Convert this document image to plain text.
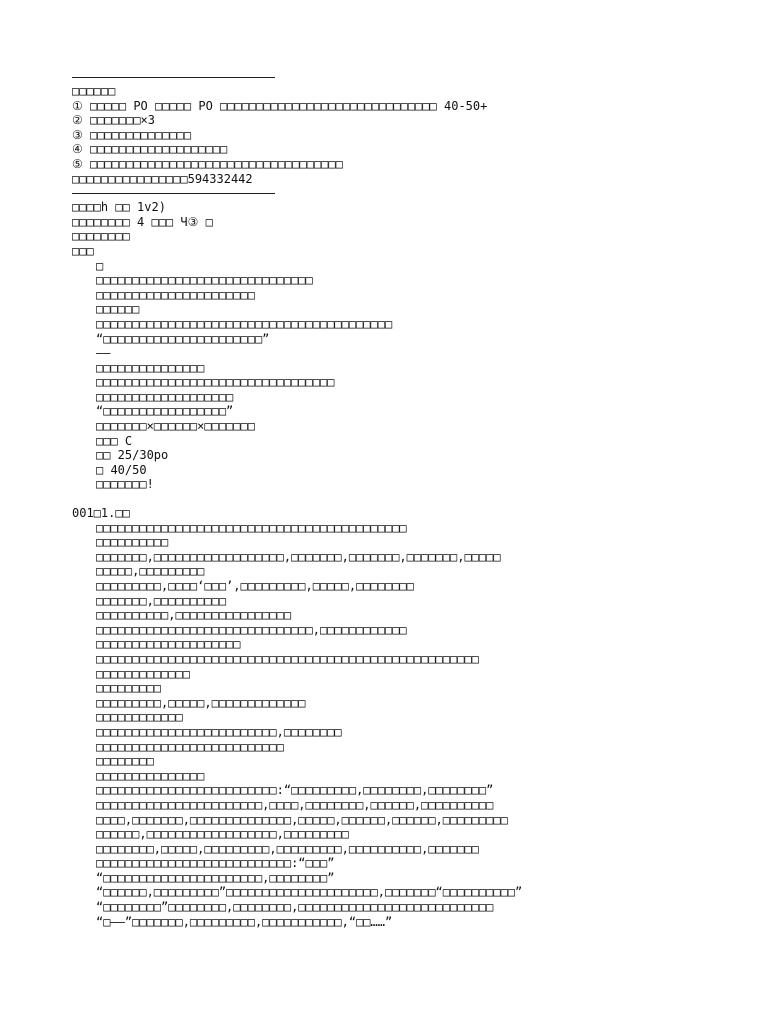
□□□□□□
① □□□□□ PO □□□□□ PO □□□□□□□□□□□□□□□□□□□□□□□□□□□□□□ 40-50+
② □□□□□□□×3
③ □□□□□□□□□□□□□□
④ □□□□□□□□□□□□□□□□□□□
⑤ □□□□□□□□□□□□□□□□□□□□□□□□□□□□□□□□□□□
□□□□□□□□□□□□□□□□594332442
□□□□h □□ 1v2)
□□□□□□□□ 4 □□□ Ч③ □
□□□□□□□□
□□□
□
□□□□□□□□□□□□□□□□□□□□□□□□□□□□□□
□□□□□□□□□□□□□□□□□□□□□□
□□□□□□
□□□□□□□□□□□□□□□□□□□□□□□□□□□□□□□□□□□□□□□□□
“□□□□□□□□□□□□□□□□□□□□□□”
——
□□□□□□□□□□□□□□□
□□□□□□□□□□□□□□□□□□□□□□□□□□□□□□□□□
□□□□□□□□□□□□□□□□□□□
“□□□□□□□□□□□□□□□□□”
□□□□□□□×□□□□□□×□□□□□□□
□□□ C
□□ 25/30po
□ 40/50
□□□□□□□!
001□1.□□
□□□□□□□□□□□□□□□□□□□□□□□□□□□□□□□□□□□□□□□□□□□
□□□□□□□□□□
□□□□□□□,□□□□□□□□□□□□□□□□□□,□□□□□□□,□□□□□□□,□□□□□□□,□□□□□
□□□□□,□□□□□□□□□
□□□□□□□□□,□□□□‘□□□’,□□□□□□□□□,□□□□□,□□□□□□□□
□□□□□□□,□□□□□□□□□□
□□□□□□□□□□,□□□□□□□□□□□□□□□□
□□□□□□□□□□□□□□□□□□□□□□□□□□□□□□,□□□□□□□□□□□□
□□□□□□□□□□□□□□□□□□□□
□□□□□□□□□□□□□□□□□□□□□□□□□□□□□□□□□□□□□□□□□□□□□□□□□□□□□
□□□□□□□□□□□□□
□□□□□□□□□
□□□□□□□□□,□□□□□,□□□□□□□□□□□□□
□□□□□□□□□□□□
□□□□□□□□□□□□□□□□□□□□□□□□□,□□□□□□□□
□□□□□□□□□□□□□□□□□□□□□□□□□□
□□□□□□□□
□□□□□□□□□□□□□□□
□□□□□□□□□□□□□□□□□□□□□□□□□:“□□□□□□□□□,□□□□□□□□,□□□□□□□□”
□□□□□□□□□□□□□□□□□□□□□□□,□□□□,□□□□□□□□,□□□□□□,□□□□□□□□□□
□□□□,□□□□□□□,□□□□□□□□□□□□□□,□□□□□,□□□□□□,□□□□□□,□□□□□□□□□
□□□□□□,□□□□□□□□□□□□□□□□□□,□□□□□□□□□
□□□□□□□□,□□□□□,□□□□□□□□□,□□□□□□□□□,□□□□□□□□□□,□□□□□□□
□□□□□□□□□□□□□□□□□□□□□□□□□□□:“□□□”
“□□□□□□□□□□□□□□□□□□□□□□,□□□□□□□□”
“□□□□□□,□□□□□□□□□”□□□□□□□□□□□□□□□□□□□□□,□□□□□□□“□□□□□□□□□□”
“□□□□□□□□”□□□□□□□□,□□□□□□□□,□□□□□□□□□□□□□□□□□□□□□□□□□□□
“□——”□□□□□□□,□□□□□□□□□,□□□□□□□□□□□,“□□……”
